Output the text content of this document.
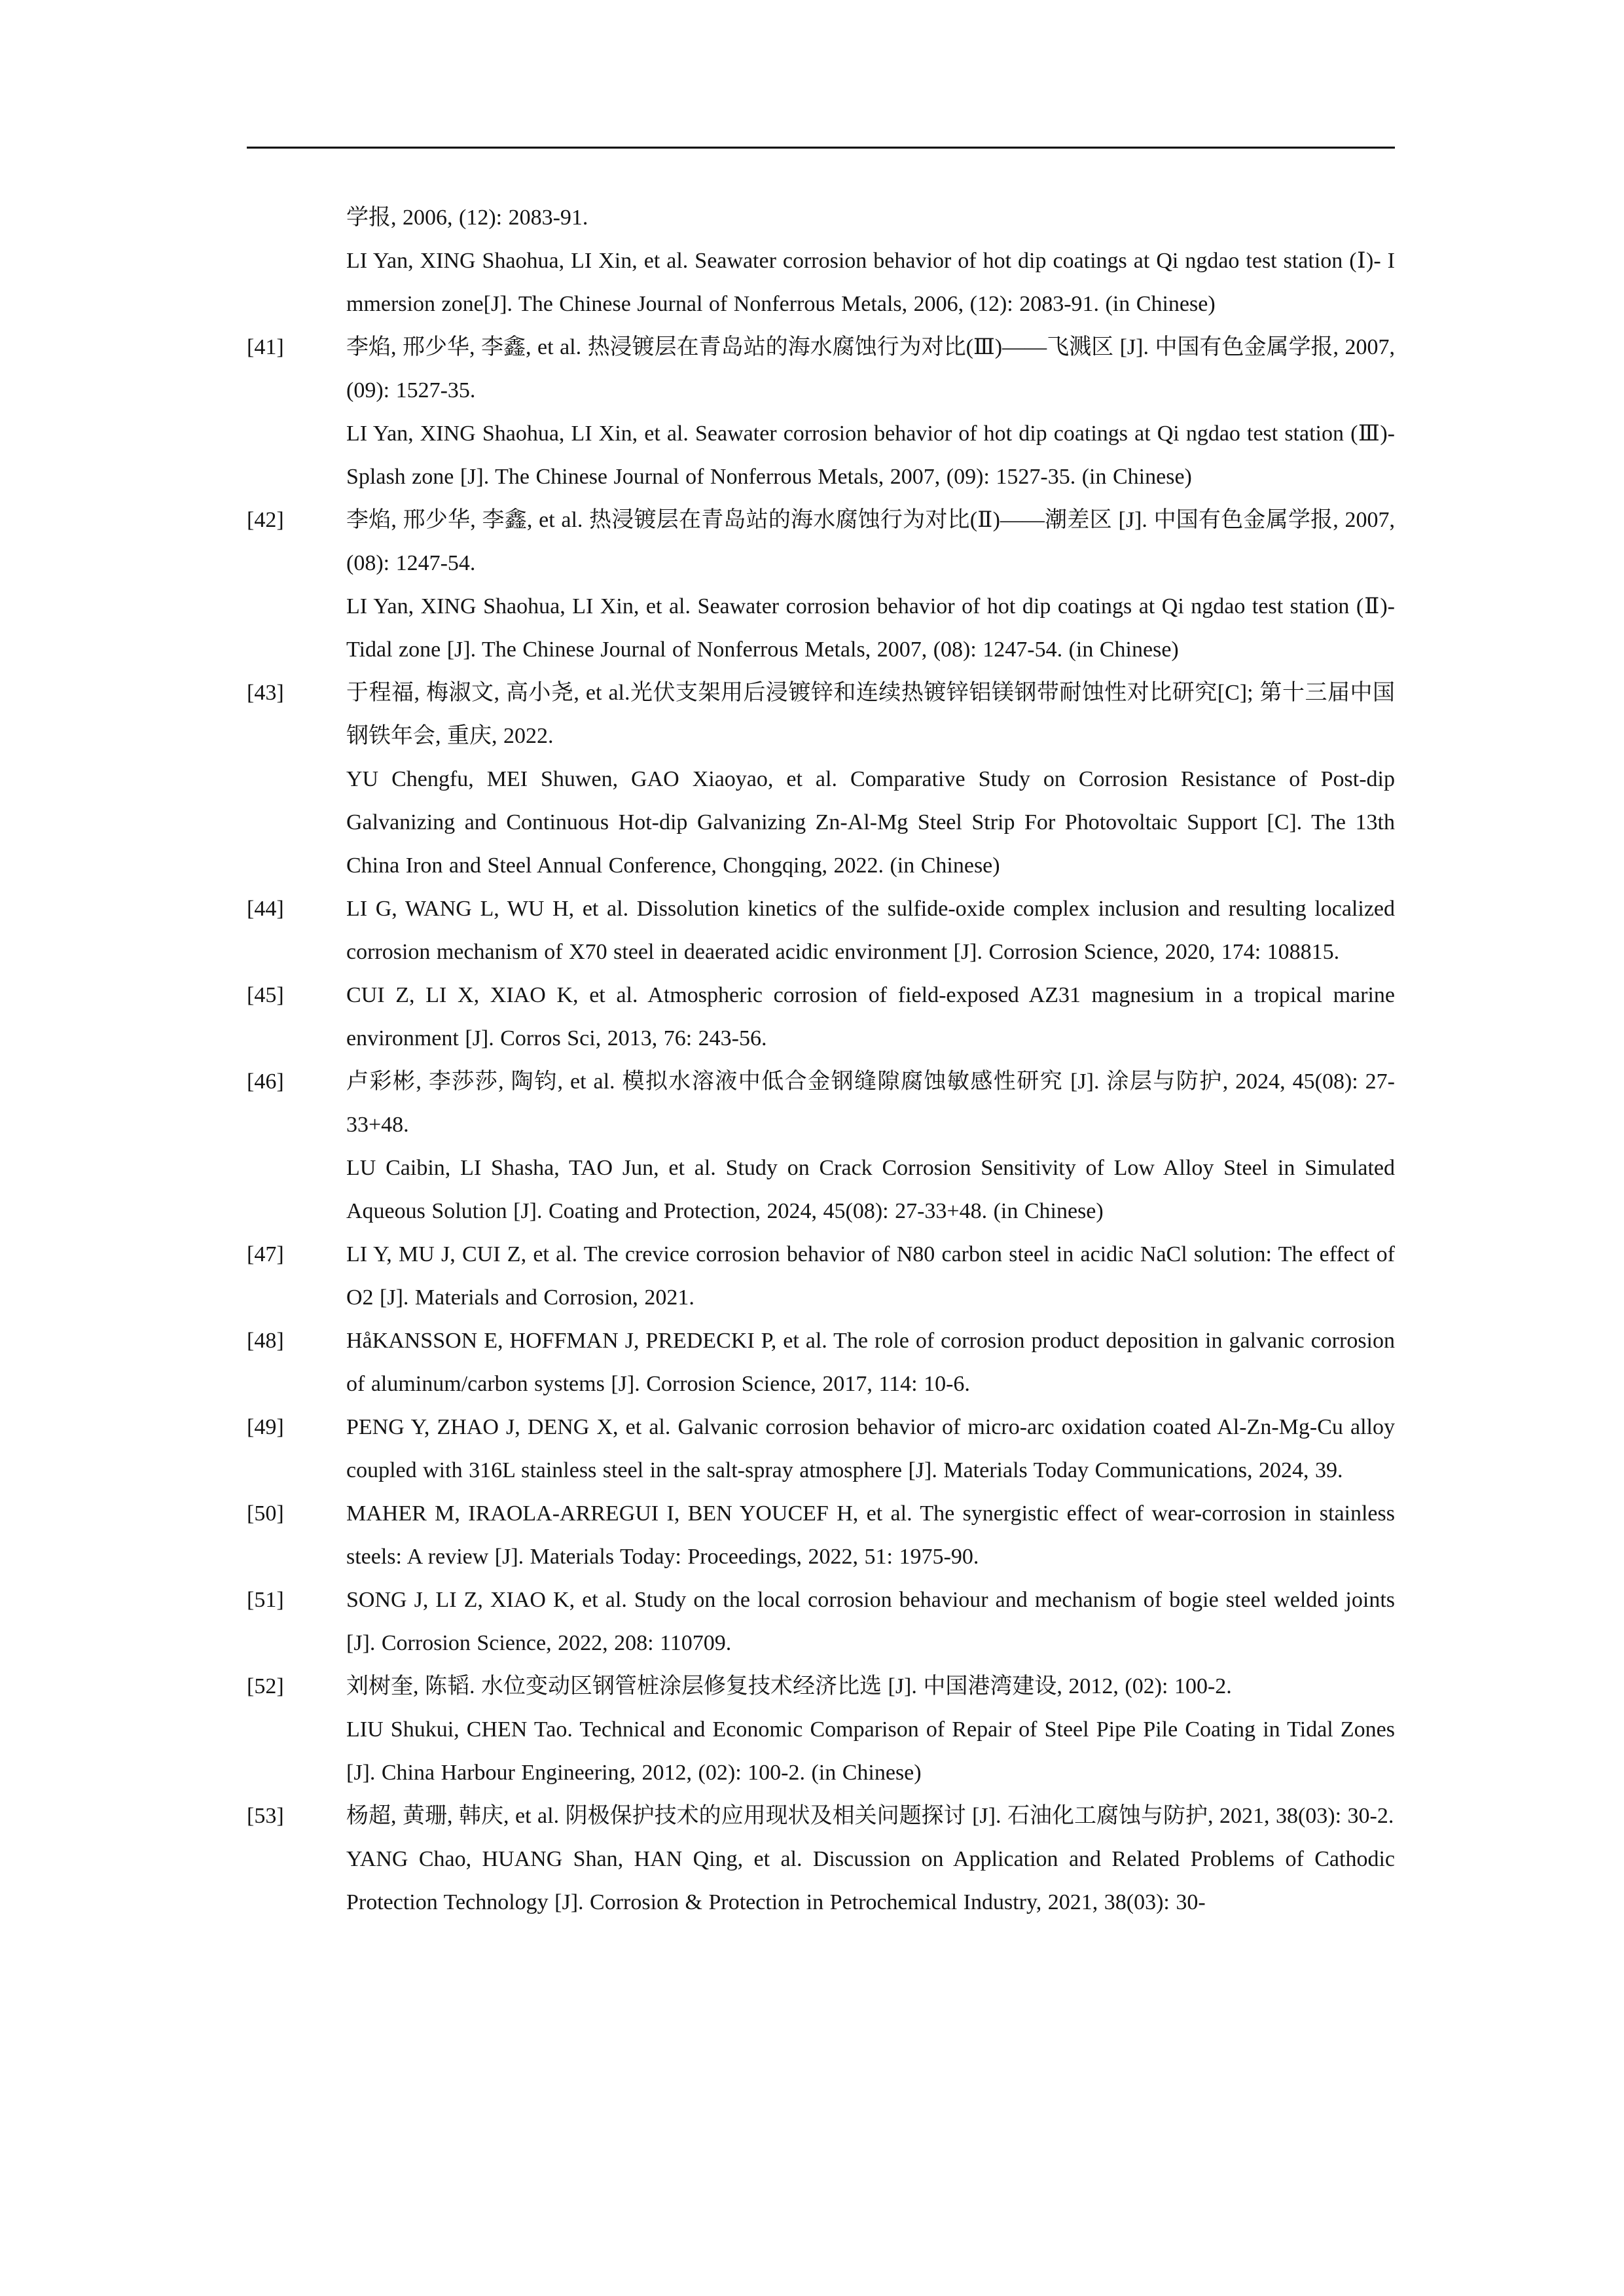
学报, 2006, (12): 2083-91.

LI Yan, XING Shaohua, LI Xin, et al. Seawater corrosion behavior of hot dip coatings at Qi ngdao test station (Ⅰ)- I mmersion zone[J]. The Chinese Journal of Nonferrous Metals, 2006, (12): 2083-91. (in Chinese)

[41]	李焰, 邢少华, 李鑫, et al. 热浸镀层在青岛站的海水腐蚀行为对比(Ⅲ)——飞溅区 [J]. 中国有色金属学报, 2007, (09): 1527-35.

LI Yan, XING Shaohua, LI Xin, et al. Seawater corrosion behavior of hot dip coatings at Qi ngdao test station (Ⅲ)- Splash zone [J]. The Chinese Journal of Nonferrous Metals, 2007, (09): 1527-35. (in Chinese)

[42]	李焰, 邢少华, 李鑫, et al. 热浸镀层在青岛站的海水腐蚀行为对比(Ⅱ)——潮差区 [J]. 中国有色金属学报, 2007, (08): 1247-54.

LI Yan, XING Shaohua, LI Xin, et al. Seawater corrosion behavior of hot dip coatings at Qi ngdao test station (Ⅱ)- Tidal zone [J]. The Chinese Journal of Nonferrous Metals, 2007, (08): 1247-54. (in Chinese)

[43]	于程福, 梅淑文, 高小尧, et al.光伏支架用后浸镀锌和连续热镀锌铝镁钢带耐蚀性对比研究[C]; 第十三届中国钢铁年会, 重庆, 2022.

YU Chengfu, MEI Shuwen, GAO Xiaoyao, et al. Comparative Study on Corrosion Resistance of Post-dip Galvanizing and Continuous Hot-dip Galvanizing Zn-Al-Mg Steel Strip For Photovoltaic Support [C]. The 13th China Iron and Steel Annual Conference, Chongqing, 2022. (in Chinese)

[44]	LI G, WANG L, WU H, et al. Dissolution kinetics of the sulfide-oxide complex inclusion and resulting localized corrosion mechanism of X70 steel in deaerated acidic environment [J]. Corrosion Science, 2020, 174: 108815.

[45]	CUI Z, LI X, XIAO K, et al. Atmospheric corrosion of field-exposed AZ31 magnesium in a tropical marine environment [J]. Corros Sci, 2013, 76: 243-56.

[46]	卢彩彬, 李莎莎, 陶钧, et al. 模拟水溶液中低合金钢缝隙腐蚀敏感性研究 [J]. 涂层与防护, 2024, 45(08): 27-33+48.

LU Caibin, LI Shasha, TAO Jun, et al. Study on Crack Corrosion Sensitivity of Low Alloy Steel in Simulated Aqueous Solution [J]. Coating and Protection, 2024, 45(08): 27-33+48. (in Chinese)

[47]	LI Y, MU J, CUI Z, et al. The crevice corrosion behavior of N80 carbon steel in acidic NaCl solution: The effect of O2 [J]. Materials and Corrosion, 2021.

[48]	HåKANSSON E, HOFFMAN J, PREDECKI P, et al. The role of corrosion product deposition in galvanic corrosion of aluminum/carbon systems [J]. Corrosion Science, 2017, 114: 10-6.

[49]	PENG Y, ZHAO J, DENG X, et al. Galvanic corrosion behavior of micro-arc oxidation coated Al-Zn-Mg-Cu alloy coupled with 316L stainless steel in the salt-spray atmosphere [J]. Materials Today Communications, 2024, 39.

[50]	MAHER M, IRAOLA-ARREGUI I, BEN YOUCEF H, et al. The synergistic effect of wear-corrosion in stainless steels: A review [J]. Materials Today: Proceedings, 2022, 51: 1975-90.

[51]	SONG J, LI Z, XIAO K, et al. Study on the local corrosion behaviour and mechanism of bogie steel welded joints [J]. Corrosion Science, 2022, 208: 110709.

[52]	刘树奎, 陈韬. 水位变动区钢管桩涂层修复技术经济比选 [J]. 中国港湾建设, 2012, (02): 100-2.

LIU Shukui, CHEN Tao. Technical and Economic Comparison of Repair of Steel Pipe Pile Coating in Tidal Zones [J]. China Harbour Engineering, 2012, (02): 100-2. (in Chinese)

[53]	杨超, 黄珊, 韩庆, et al. 阴极保护技术的应用现状及相关问题探讨 [J]. 石油化工腐蚀与防护, 2021, 38(03): 30-2.

YANG Chao, HUANG Shan, HAN Qing, et al. Discussion on Application and Related Problems of Cathodic Protection Technology [J]. Corrosion & Protection in Petrochemical Industry, 2021, 38(03): 30-
